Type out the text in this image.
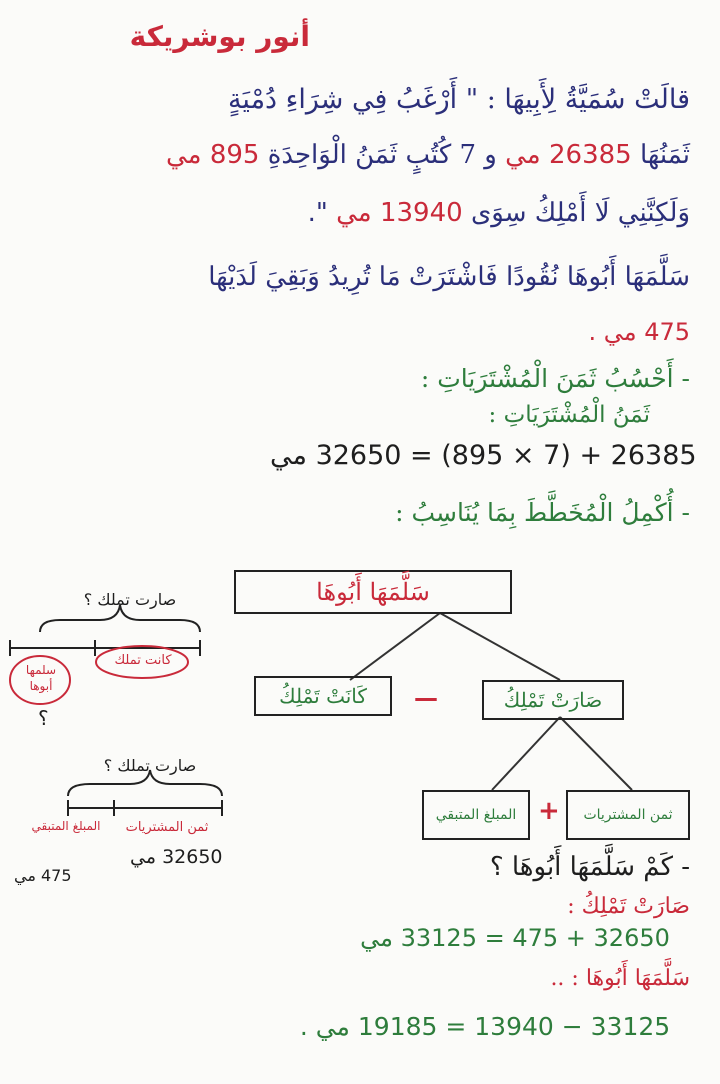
أنور بوشريكة
قالَتْ سُمَيَّةُ لِأَبِيهَا : " أَرْغَبُ فِي شِرَاءِ دُمْيَةٍ
ثَمَنُهَا 26385 مي و 7 كُتُبٍ ثَمَنُ الْوَاحِدَةِ 895 مي
وَلَكِنَّنِي لَا أَمْلِكُ سِوَى 13940 مي ".
سَلَّمَهَا أَبُوهَا نُقُودًا فَاشْتَرَتْ مَا تُرِيدُ وَبَقِيَ لَدَيْهَا
475 مي .
- أَحْسُبُ ثَمَنَ الْمُشْتَرَيَاتِ :
ثَمَنُ الْمُشْتَرَيَاتِ :
26385 + (7 × 895) = 32650 مي
- أُكْمِلُ الْمُخَطَّطَ بِمَا يُنَاسِبُ :
سَلَّمَهَا أَبُوهَا
كَانَتْ تَمْلِكُ —	صَارَتْ تَمْلِكُ
المبلغ المتبقي + ثمن المشتريات
صارت تملك ؟
سلمها أبوها
كانت تملك
؟
صارت تملك ؟
المبلغ المتبقي	ثمن المشتريات
475 مي
32650 مي	- كَمْ سَلَّمَهَا أَبُوهَا ؟
صَارَتْ تَمْلِكُ :
32650 + 475 = 33125 مي
سَلَّمَهَا أَبُوهَا : ..
33125 − 13940 = 19185 مي .
